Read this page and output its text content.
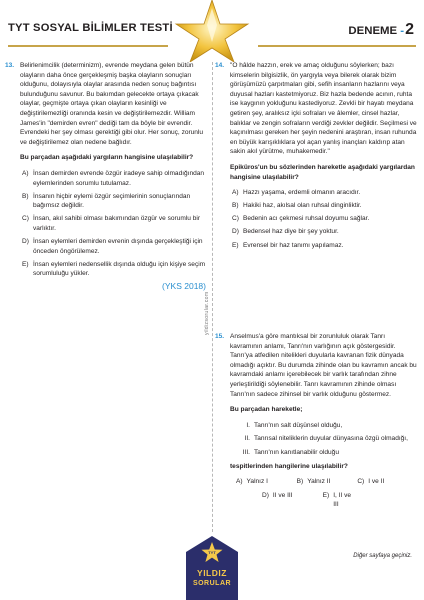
TYT SOSYAL BİLİMLER TESTİ	DENEME -2
yildizsorular.com
13. Belirlenimcilik (determinizm), evrende meydana gelen bütün olayların daha önce gerçekleşmiş başka olayların sonuçları olduğunu, dolayısıyla olaylar arasında neden sonuç bağıntısı bulunduğunu savunur. Bu bakımdan gelecekte ortaya çıkacak olaylar, geçmişte ortaya çıkan olayların kesinliği ve değiştirilemezliği oranında kesin ve değiştirilemezdir. William James'in "demirden evren" dediği tam da böyle bir evrendir. Evrendeki her şey olması gerektiği gibi olur. Her sonuç, zorunlu ve değiştirilemez olan nedene bağlıdır.
Bu parçadan aşağıdaki yargıların hangisine ulaşılabilir?
A) İnsan demirden evrende özgür iradeye sahip olmadığından eylemlerinden sorumlu tutulamaz.
B) İnsanın hiçbir eylemi özgür seçimlerinin sonuçlarından bağımsız değildir.
C) İnsan, akıl sahibi olması bakımından özgür ve sorumlu bir varlıktır.
D) İnsan eylemleri demirden evrenin dışında gerçekleştiği için önceden öngörülemez.
E) İnsan eylemleri nedensellik dışında olduğu için kişiye seçim sorumluluğu yükler.
(YKS 2018)
14. "O hâlde hazzın, erek ve amaç olduğunu söylerken; bazı kimselerin bilgisizlik, ön yargıyla veya bilerek olarak bizim görüşümüzü çarpıtmaları gibi, sefih insanların hazlarını veya duyusal hazları kastetmiyoruz. Biz hazla bedende acının, ruhta ise kaygının yokluğunu kastediyoruz. Zevkli bir hayatı meydana getiren şey, aralıksız içki sofraları ve âlemler, cinsel hazlar, balıklar ve zengin sofraların verdiği zevkler değildir. Seçilmesi ve kaçınılması gereken her şeyin nedenini araştıran, insan ruhunda en büyük karışıklıklara yol açan yanlış inançları kaldırıp atan sakin akıl yürütme, muhakemedir."
Epiküros'un bu sözlerinden hareketle aşağıdaki yargılardan hangisine ulaşılabilir?
A) Hazzı yaşama, erdemli olmanın aracıdır.
B) Hakiki haz, akılsal olan ruhsal dinginliktir.
C) Bedenin acı çekmesi ruhsal doyumu sağlar.
D) Bedensel haz diye bir şey yoktur.
E) Evrensel bir haz tanımı yapılamaz.
15. Anselmus'a göre mantıksal bir zorunluluk olarak Tanrı kavramının anlamı, Tanrı'nın varlığının açık göstergesidir. Tanrı'ya atfedilen nitelikleri duyularla kavranan fizik dünyada olmadığı açıktır. Bu durumda zihinde olan bu kavramın ancak bu kavramdaki anlamı içerebilecek bir varlık tarafından zihne yerleştirildiği söylenebilir. Tanrı kavramının zihinde olması Tanrı'nın sadece zihinsel bir varlık olduğunu göstermez.
Bu parçadan hareketle;
I. Tanrı'nın salt düşünsel olduğu,
II. Tanrısal niteliklerin duyular dünyasına özgü olmadığı,
III. Tanrı'nın kanıtlanabilir olduğu
tespitlerinden hangilerine ulaşılabilir?
A) Yalnız I	B) Yalnız II	C) I ve II
D) II ve III	E) I, II ve III
Diğer sayfaya geçiniz.
TYT
YILDIZ
SORULAR
